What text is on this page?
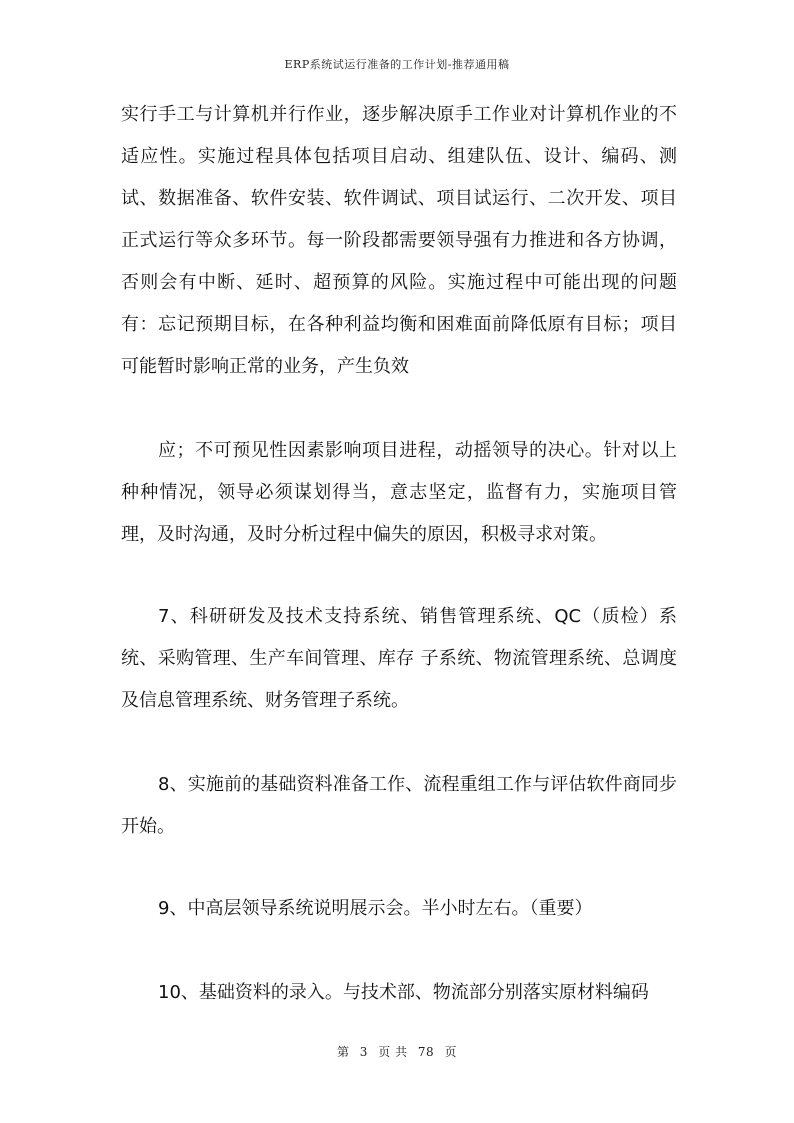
ERP系统试运行准备的工作计划-推荐通用稿

实行手工与计算机并行作业，逐步解决原手工作业对计算机作业的不适应性。实施过程具体包括项目启动、组建队伍、设计、编码、测试、数据准备、软件安装、软件调试、项目试运行、二次开发、项目正式运行等众多环节。每一阶段都需要领导强有力推进和各方协调，否则会有中断、延时、超预算的风险。实施过程中可能出现的问题有：忘记预期目标，在各种利益均衡和困难面前降低原有目标；项目可能暂时影响正常的业务，产生负效

应；不可预见性因素影响项目进程，动摇领导的决心。针对以上种种情况，领导必须谋划得当，意志坚定，监督有力，实施项目管理，及时沟通，及时分析过程中偏失的原因，积极寻求对策。

7、科研研发及技术支持系统、销售管理系统、QC（质检）系统、采购管理、生产车间管理、库存 子系统、物流管理系统、总调度及信息管理系统、财务管理子系统。

8、实施前的基础资料准备工作、流程重组工作与评估软件商同步开始。

9、中高层领导系统说明展示会。半小时左右。（重要）

10、基础资料的录入。与技术部、物流部分别落实原材料编码

第 3 页 共 78 页
